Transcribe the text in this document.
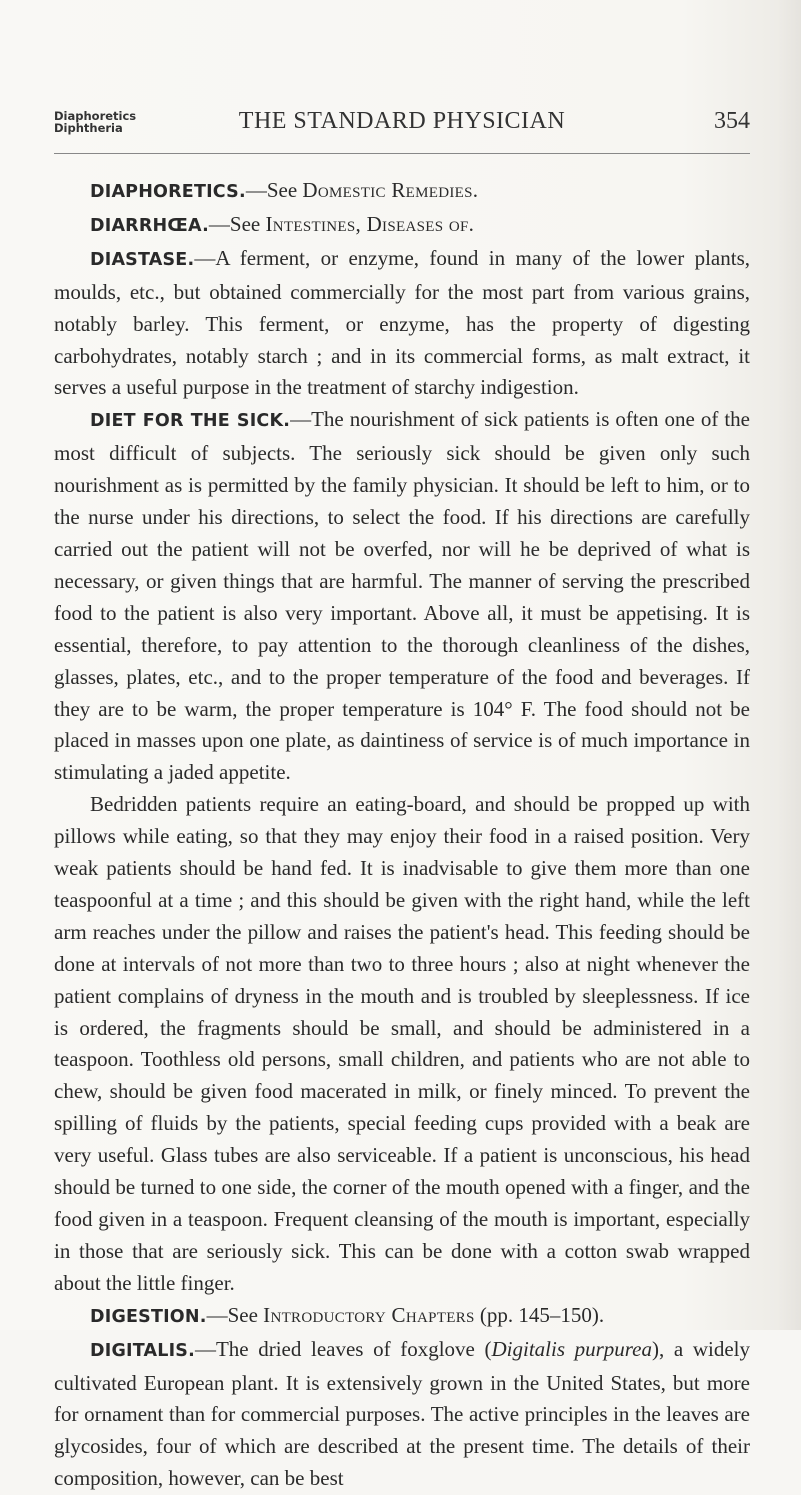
Diaphoretics
Diphtheria	THE STANDARD PHYSICIAN	354

DIAPHORETICS.—See Domestic Remedies.

DIARRHŒA.—See Intestines, Diseases of.

DIASTASE.—A ferment, or enzyme, found in many of the lower plants, moulds, etc., but obtained commercially for the most part from various grains, notably barley. This ferment, or enzyme, has the property of digesting carbohydrates, notably starch ; and in its commercial forms, as malt extract, it serves a useful purpose in the treatment of starchy indigestion.

DIET FOR THE SICK.—The nourishment of sick patients is often one of the most difficult of subjects. The seriously sick should be given only such nourishment as is permitted by the family physician. It should be left to him, or to the nurse under his directions, to select the food. If his directions are carefully carried out the patient will not be overfed, nor will he be deprived of what is necessary, or given things that are harmful. The manner of serving the prescribed food to the patient is also very important. Above all, it must be appetising. It is essential, therefore, to pay attention to the thorough cleanliness of the dishes, glasses, plates, etc., and to the proper temperature of the food and beverages. If they are to be warm, the proper temperature is 104° F. The food should not be placed in masses upon one plate, as daintiness of service is of much importance in stimulating a jaded appetite.

Bedridden patients require an eating-board, and should be propped up with pillows while eating, so that they may enjoy their food in a raised position. Very weak patients should be hand fed. It is inadvisable to give them more than one teaspoonful at a time ; and this should be given with the right hand, while the left arm reaches under the pillow and raises the patient's head. This feeding should be done at intervals of not more than two to three hours ; also at night whenever the patient complains of dryness in the mouth and is troubled by sleeplessness. If ice is ordered, the fragments should be small, and should be administered in a teaspoon. Toothless old persons, small children, and patients who are not able to chew, should be given food macerated in milk, or finely minced. To prevent the spilling of fluids by the patients, special feeding cups provided with a beak are very useful. Glass tubes are also serviceable. If a patient is unconscious, his head should be turned to one side, the corner of the mouth opened with a finger, and the food given in a teaspoon. Frequent cleansing of the mouth is important, especially in those that are seriously sick. This can be done with a cotton swab wrapped about the little finger.

DIGESTION.—See Introductory Chapters (pp. 145–150).

DIGITALIS.—The dried leaves of foxglove (Digitalis purpurea), a widely cultivated European plant. It is extensively grown in the United States, but more for ornament than for commercial purposes. The active principles in the leaves are glycosides, four of which are described at the present time. The details of their composition, however, can be best
